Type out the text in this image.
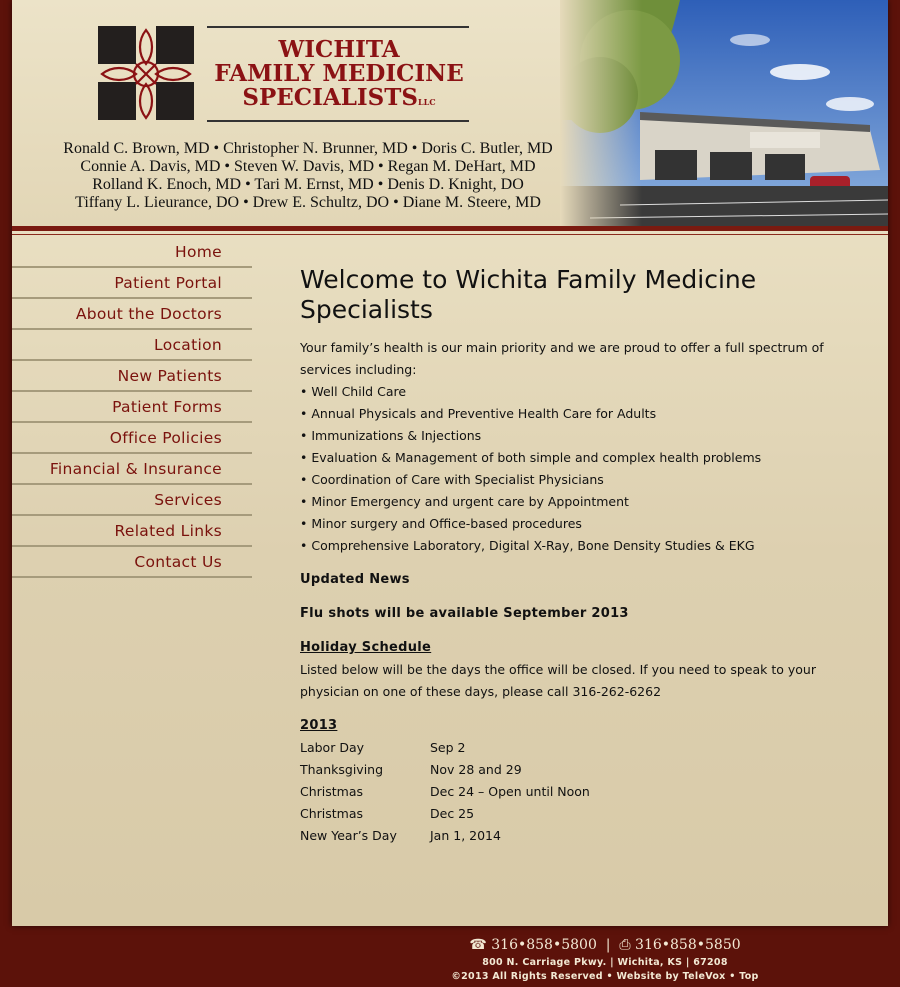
WICHITA
FAMILY MEDICINE
SPECIALISTSLLC
Ronald C. Brown, MD • Christopher N. Brunner, MD • Doris C. Butler, MD
Connie A. Davis, MD • Steven W. Davis, MD • Regan M. DeHart, MD
Rolland K. Enoch, MD • Tari M. Ernst, MD • Denis D. Knight, DO
Tiffany L. Lieurance, DO • Drew E. Schultz, DO • Diane M. Steere, MD
Home
Patient Portal
About the Doctors
Location
New Patients
Patient Forms
Office Policies
Financial & Insurance
Services
Related Links
Contact Us
Welcome to Wichita Family Medicine Specialists

Your family’s health is our main priority and we are proud to offer a full spectrum of services including:

• Well Child Care
• Annual Physicals and Preventive Health Care for Adults
• Immunizations & Injections
• Evaluation & Management of both simple and complex health problems
• Coordination of Care with Specialist Physicians
• Minor Emergency and urgent care by Appointment
• Minor surgery and Office-based procedures
• Comprehensive Laboratory, Digital X-Ray, Bone Density Studies & EKG
Updated News
Flu shots will be available September 2013
Holiday Schedule

Listed below will be the days the office will be closed. If you need to speak to your physician on one of these days, please call 316-262-6262

2013
Labor Day	Sep 2
Thanksgiving	Nov 28 and 29
Christmas	Dec 24 – Open until Noon
Christmas	Dec 25
New Year’s Day	Jan 1, 2014
☎ 316•858•5800 | ⎙ 316•858•5850
800 N. Carriage Pkwy. | Wichita, KS | 67208
©2013 All Rights Reserved • Website by TeleVox • Top
